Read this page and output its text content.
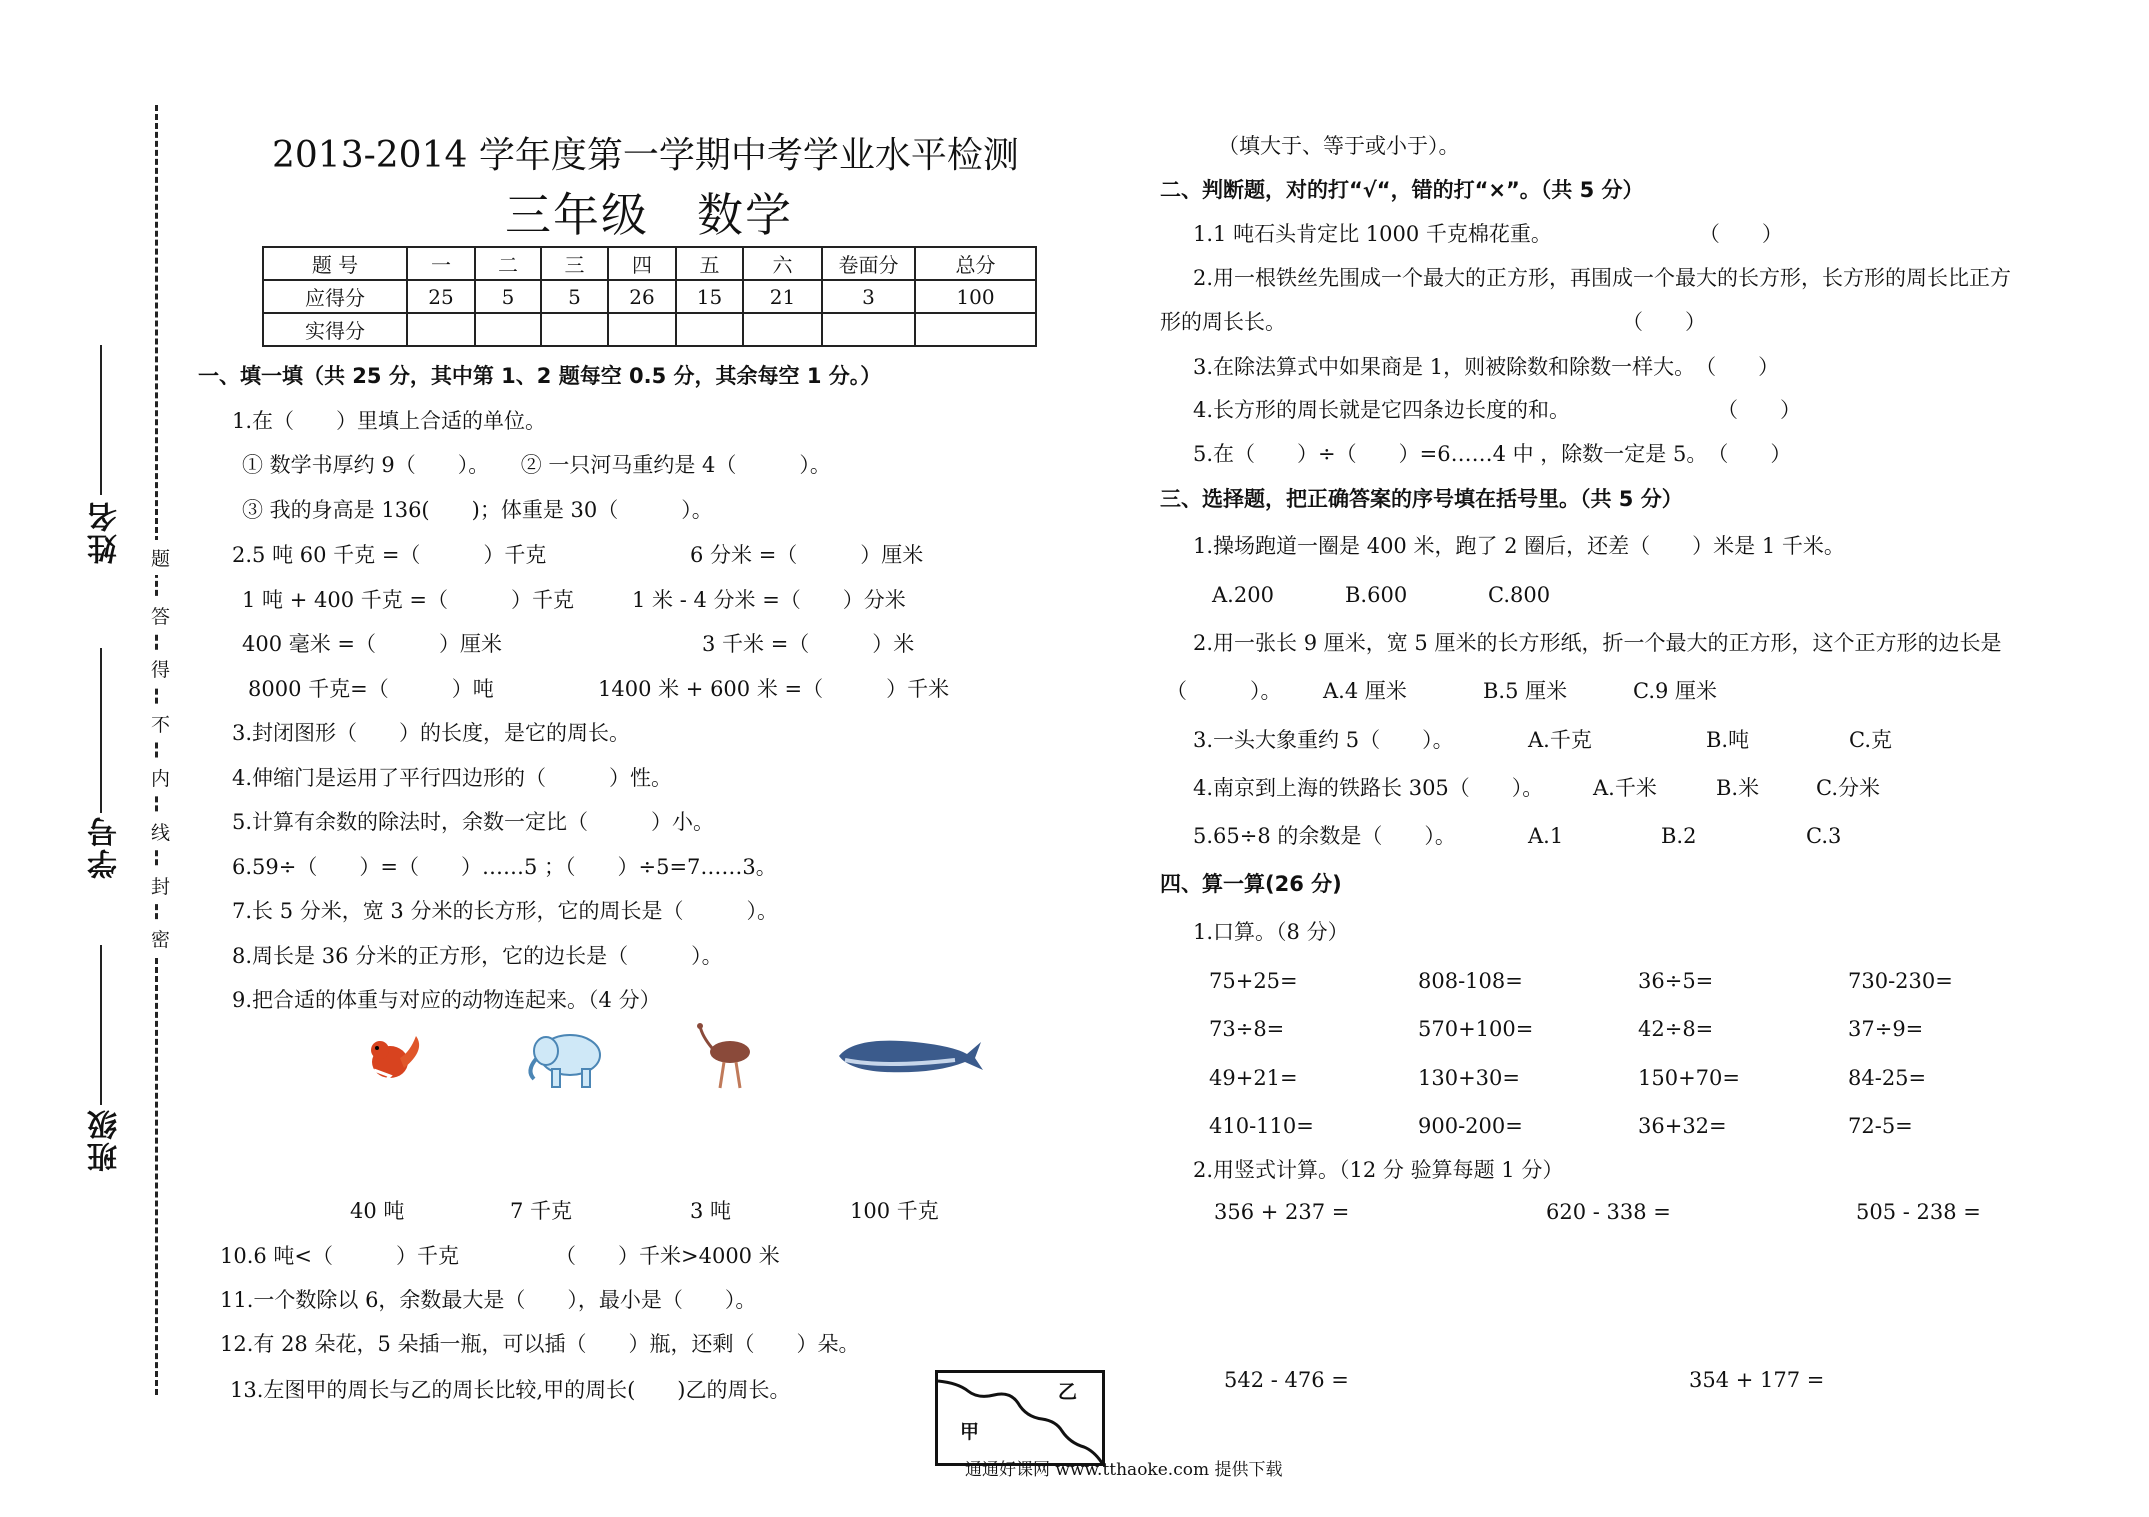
姓名
学号
班级
题
答
得
不
内
线
封
密
2013-2014 学年度第一学期中考学业水平检测
三年级　数学
题 号	一	二	三	四	五	六	卷面分	总分
应得分	25	5	5	26	15	21	3	100
实得分								
一、填一填（共 25 分，其中第 1、2 题每空 0.5 分，其余每空 1 分。）
1.在（　　）里填上合适的单位。
① 数学书厚约 9（　　）。　　② 一只河马重约是 4（　　　）。
③ 我的身高是 136(　　)；体重是 30（　　　）。
2.5 吨 60 千克 =（　　　）千克	6 分米 =（　　　）厘米
1 吨 + 400 千克 =（　　　）千克	1 米 - 4 分米 =（　　）分米
400 毫米 =（　　　）厘米	3 千米 =（　　　）米
8000 千克=（　　　）吨	1400 米 + 600 米 =（　　　）千米
3.封闭图形（　　）的长度，是它的周长。
4.伸缩门是运用了平行四边形的（　　　）性。
5.计算有余数的除法时，余数一定比（　　　）小。
6.59÷（　　）=（　　）……5 ；（　　）÷5=7……3。
7.长 5 分米，宽 3 分米的长方形，它的周长是（　　　）。
8.周长是 36 分米的正方形，它的边长是（　　　）。
9.把合适的体重与对应的动物连起来。（4 分）
40 吨	7 千克	3 吨	100 千克
10.6 吨<（　　　）千克	（　　）千米>4000 米
11.一个数除以 6，余数最大是（　　），最小是（　　）。
12.有 28 朵花，5 朵插一瓶，可以插（　　）瓶，还剩（　　）朵。
13.左图甲的周长与乙的周长比较,甲的周长(　　)乙的周长。	乙
甲
（填大于、等于或小于）。
二、判断题，对的打“√“，错的打“×”。（共 5 分）
1.1 吨石头肯定比 1000 千克棉花重。　　　　　　　　（　　）
2.用一根铁丝先围成一个最大的正方形，再围成一个最大的长方形，长方形的周长比正方
形的周长长。　　　　　　　　　　　　　　　　　（　　）
3.在除法算式中如果商是 1，则被除数和除数一样大。　（　　）
4.长方形的周长就是它四条边长度的和。　　　　　　　　（　　）
5.在（　　）÷（　　）=6……4 中 ，除数一定是 5。　（　　）
三、选择题，把正确答案的序号填在括号里。（共 5 分）
1.操场跑道一圈是 400 米，跑了 2 圈后，还差（　　）米是 1 千米。
A.200	B.600	C.800
2.用一张长 9 厘米，宽 5 厘米的长方形纸，折一个最大的正方形，这个正方形的边长是
（　　　）。 A.4 厘米	B.5 厘米	C.9 厘米
3.一头大象重约 5（　　）。	A.千克	B.吨	C.克
4.南京到上海的铁路长 305（　　）。 A.千米	B.米	C.分米
5.65÷8 的余数是（　　）。	A.1	B.2	C.3
四、算一算(26 分)
1.口算。（8 分）
75+25=	808-108=	36÷5=	730-230=
73÷8=	570+100=	42÷8=	37÷9=
49+21=	130+30=	150+70=	84-25=
410-110=	900-200=	36+32=	72-5=
2.用竖式计算。（12 分 验算每题 1 分）
356 + 237 =	620 - 338 =	505 - 238 =
542 - 476 =	354 + 177 =
通通好课网 www.tthaoke.com 提供下载
